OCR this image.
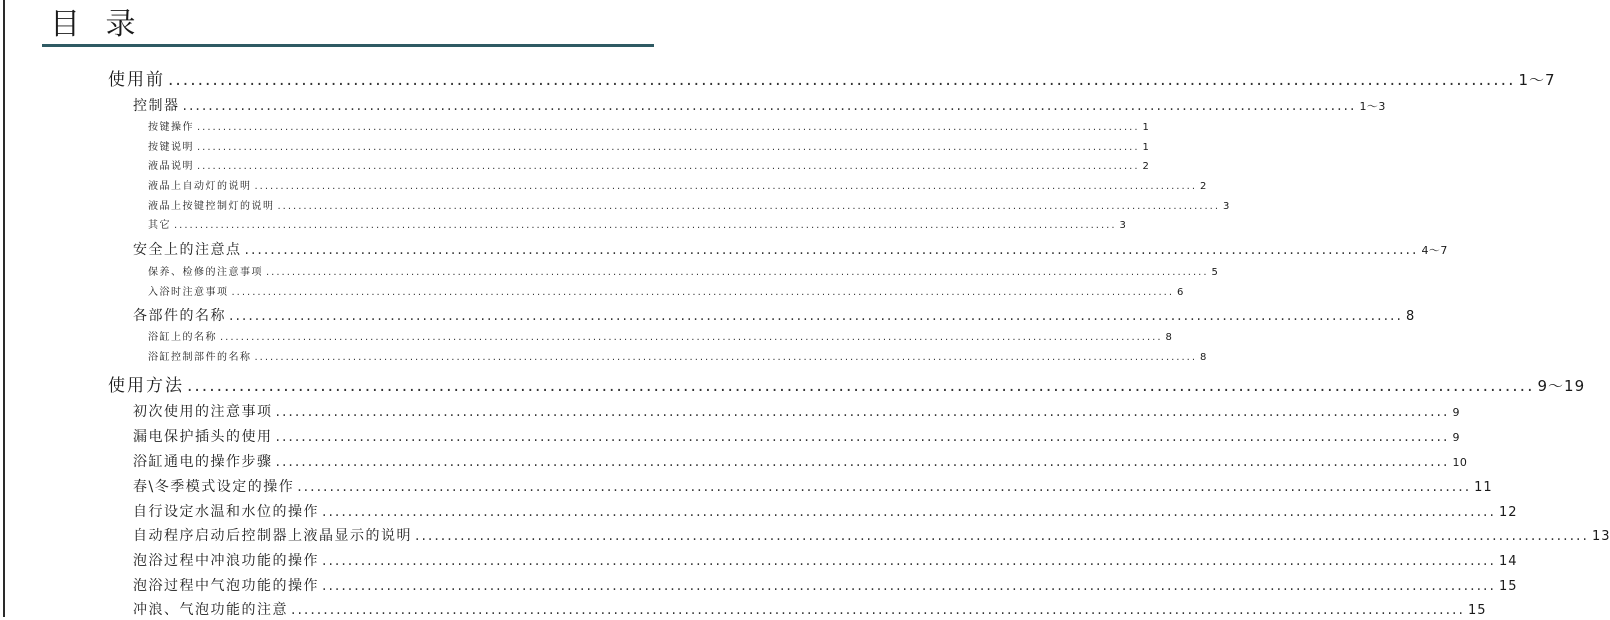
目 录
使用前 ...................................................................................................................................................................................... 1～7
控制器 ...................................................................................................................................................................................... 1～3
按键操作 ...................................................................................................................................................................................... 1
按键说明 ...................................................................................................................................................................................... 1
液晶说明 ...................................................................................................................................................................................... 2
液晶上自动灯的说明 ...................................................................................................................................................................................... 2
液晶上按键控制灯的说明 ...................................................................................................................................................................................... 3
其它 ...................................................................................................................................................................................... 3
安全上的注意点 ...................................................................................................................................................................................... 4～7
保养、检修的注意事项 ...................................................................................................................................................................................... 5
入浴时注意事项 ...................................................................................................................................................................................... 6
各部件的名称 ...................................................................................................................................................................................... 8
浴缸上的名称 ...................................................................................................................................................................................... 8
浴缸控制部件的名称 ...................................................................................................................................................................................... 8
使用方法 ...................................................................................................................................................................................... 9～19
初次使用的注意事项 ...................................................................................................................................................................................... 9
漏电保护插头的使用 ...................................................................................................................................................................................... 9
浴缸通电的操作步骤 ...................................................................................................................................................................................... 10
春\冬季模式设定的操作 ...................................................................................................................................................................................... 11
自行设定水温和水位的操作 ...................................................................................................................................................................................... 12
自动程序启动后控制器上液晶显示的说明 ...................................................................................................................................................................................... 13
泡浴过程中冲浪功能的操作 ...................................................................................................................................................................................... 14
泡浴过程中气泡功能的操作 ...................................................................................................................................................................................... 15
冲浪、气泡功能的注意 ...................................................................................................................................................................................... 15
